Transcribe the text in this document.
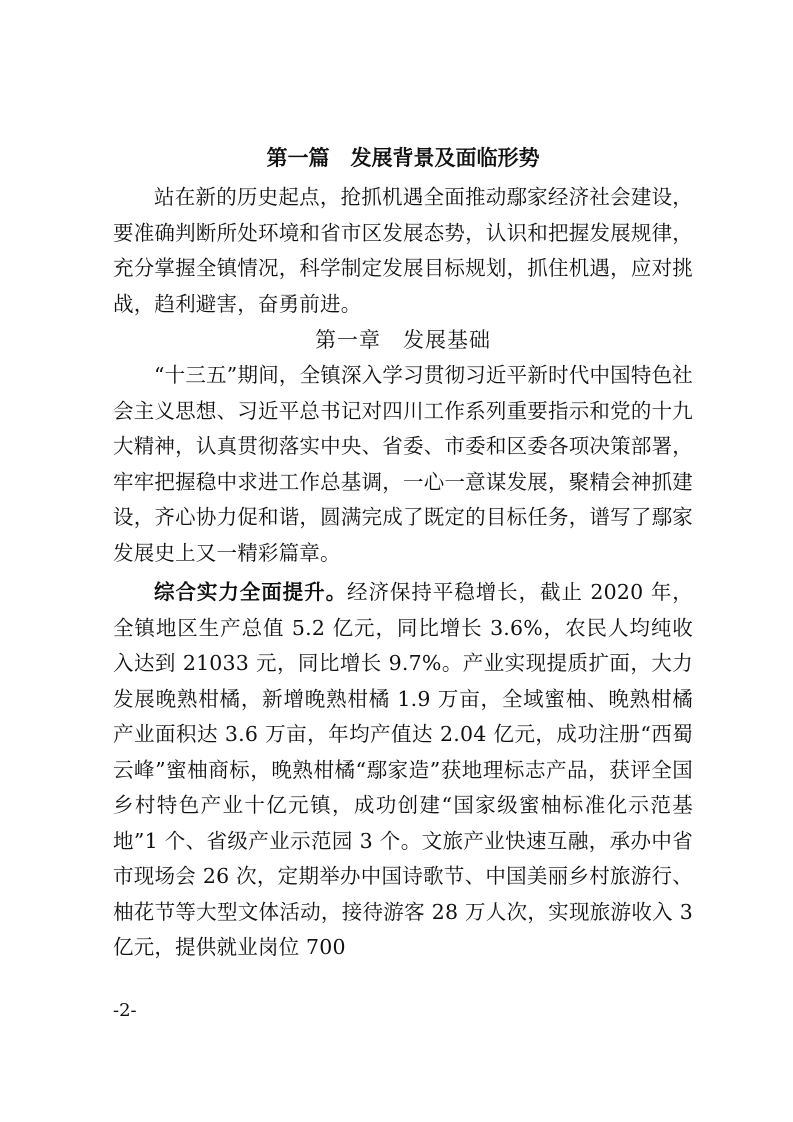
第一篇　发展背景及面临形势

站在新的历史起点，抢抓机遇全面推动鄢家经济社会建设，要准确判断所处环境和省市区发展态势，认识和把握发展规律，充分掌握全镇情况，科学制定发展目标规划，抓住机遇，应对挑战，趋利避害，奋勇前进。

第一章　发展基础

“十三五”期间，全镇深入学习贯彻习近平新时代中国特色社会主义思想、习近平总书记对四川工作系列重要指示和党的十九大精神，认真贯彻落实中央、省委、市委和区委各项决策部署，牢牢把握稳中求进工作总基调，一心一意谋发展，聚精会神抓建设，齐心协力促和谐，圆满完成了既定的目标任务，谱写了鄢家发展史上又一精彩篇章。

综合实力全面提升。经济保持平稳增长，截止 2020 年，全镇地区生产总值 5.2 亿元，同比增长 3.6%，农民人均纯收入达到 21033 元，同比增长 9.7%。产业实现提质扩面，大力发展晚熟柑橘，新增晚熟柑橘 1.9 万亩，全域蜜柚、晚熟柑橘产业面积达 3.6 万亩，年均产值达 2.04 亿元，成功注册“西蜀云峰”蜜柚商标，晚熟柑橘“鄢家造”获地理标志产品，获评全国乡村特色产业十亿元镇，成功创建“国家级蜜柚标准化示范基地”1 个、省级产业示范园 3 个。文旅产业快速互融，承办中省市现场会 26 次，定期举办中国诗歌节、中国美丽乡村旅游行、柚花节等大型文体活动，接待游客 28 万人次，实现旅游收入 3 亿元，提供就业岗位 700

-2-
